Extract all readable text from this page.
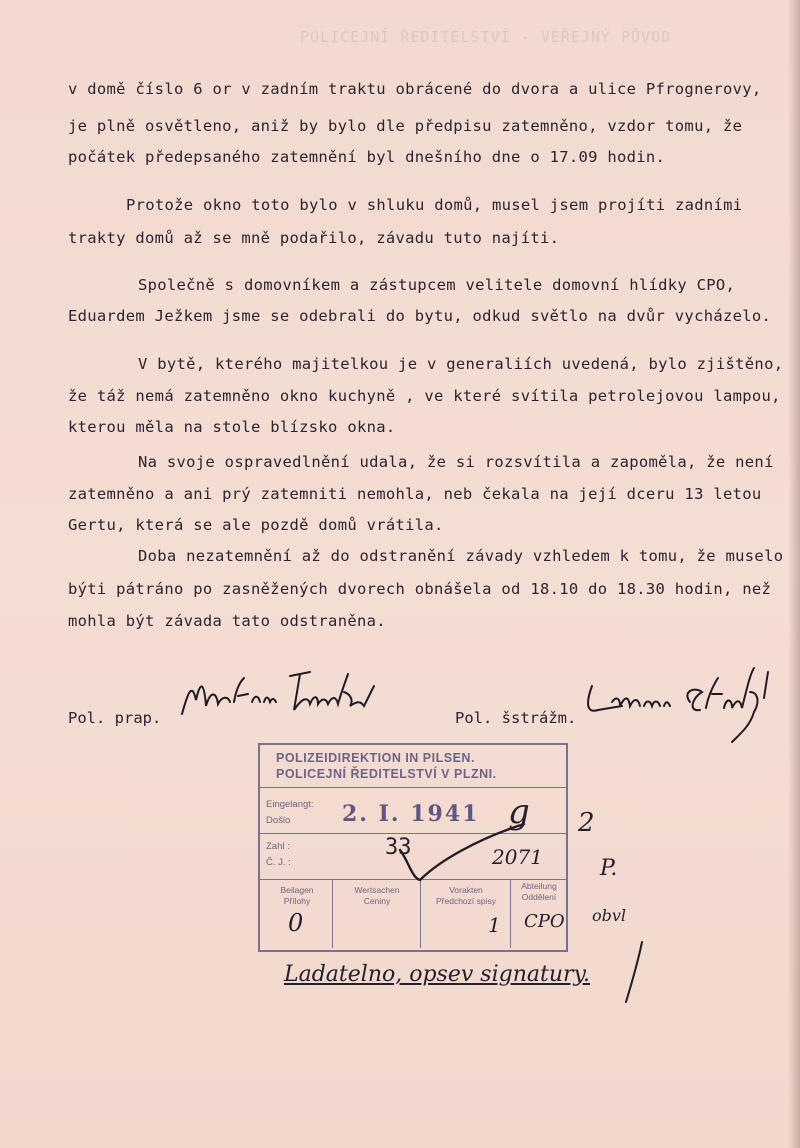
POLICEJNÍ ŘEDITELSTVÍ - VEŘEJNÝ PŮVOD
v domě číslo 6 or v zadním traktu obrácené do dvora a ulice Pfrognerovy,
je plně osvětleno, aniž by bylo dle předpisu zatemněno, vzdor tomu, že
počátek předepsaného zatemnění byl dnešního dne o 17.09 hodin.
Protože okno toto bylo v shluku domů, musel jsem projíti zadními
trakty domů až se mně podařilo, závadu tuto najíti.
Společně s domovníkem a zástupcem velitele domovní hlídky CPO,
Eduardem Ježkem jsme se odebrali do bytu, odkud světlo na dvůr vycházelo.
V bytě, kterého majitelkou je v generaliích uvedená, bylo zjištěno,
že táž nemá zatemněno okno kuchyně , ve které svítila petrolejovou lampou,
kterou měla na stole blízsko okna.
Na svoje ospravedlnění udala, že si rozsvítila a zapoměla, že není
zatemněno a ani prý zatemniti nemohla, neb čekala na její dceru 13 letou
Gertu, která se ale pozdě domů vrátila.
Doba nezatemnění až do odstranění závady vzhledem k tomu, že muselo
býti pátráno po zasněžených dvorech obnášela od 18.10 do 18.30 hodin, než
mohla být závada tato odstraněna.
Pol. prap.	Pol. šstrážm.
POLIZEIDIREKTION IN PILSEN.
POLICEJNÍ ŘEDITELSTVÍ V PLZNI.
Eingelangt:
Došlo 2. I. 1941
Zahl :
Č. J. :
33	2071
Beilagen
Přílohy
0
Wertsachen
Ceniny
Vorakten
Předchozí spisy
1
Abteilung
Oddělení
CPO
g 2
P.
obvl
Ladatelno, opsev signatury.
